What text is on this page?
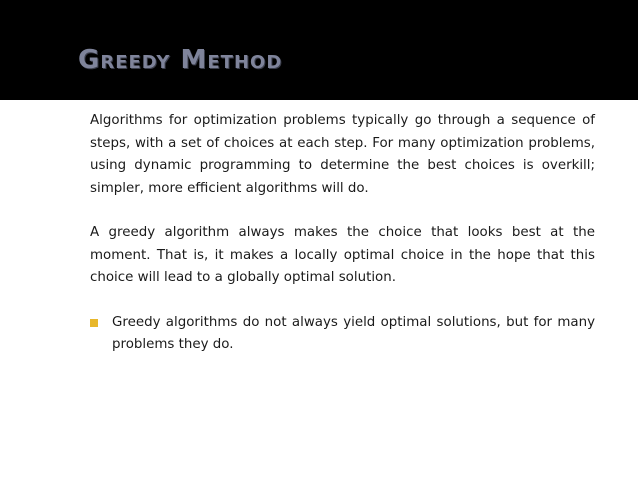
Greedy Method

Algorithms for optimization problems typically go through a sequence of steps, with a set of choices at each step. For many optimization problems, using dynamic programming to determine the best choices is overkill; simpler, more efficient algorithms will do.

A greedy algorithm always makes the choice that looks best at the moment. That is, it makes a locally optimal choice in the hope that this choice will lead to a globally optimal solution.

Greedy algorithms do not always yield optimal solutions, but for many problems they do.
